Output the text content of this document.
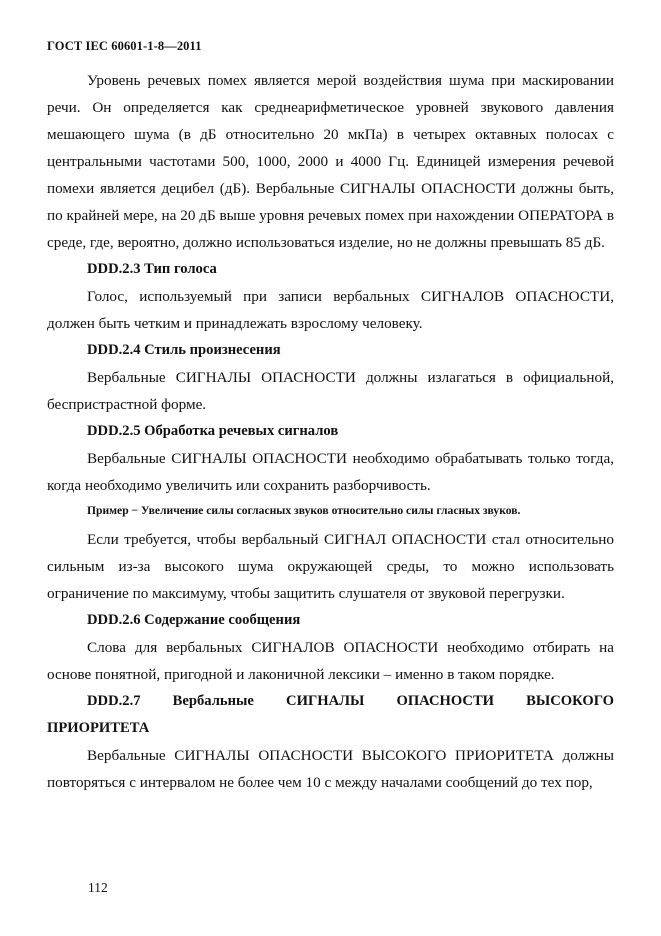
ГОСТ IEC 60601-1-8—2011

Уровень речевых помех является мерой воздействия шума при маскировании речи. Он определяется как среднеарифметическое уровней звукового давления мешающего шума (в дБ относительно 20 мкПа) в четырех октавных полосах с центральными частотами 500, 1000, 2000 и 4000 Гц. Единицей измерения речевой помехи является децибел (дБ). Вербальные СИГНАЛЫ ОПАСНОСТИ должны быть, по крайней мере, на 20 дБ выше уровня речевых помех при нахождении ОПЕРАТОРА в среде, где, вероятно, должно использоваться изделие, но не должны превышать 85 дБ.

DDD.2.3 Тип голоса

Голос, используемый при записи вербальных СИГНАЛОВ ОПАСНОСТИ, должен быть четким и принадлежать взрослому человеку.

DDD.2.4 Стиль произнесения

Вербальные СИГНАЛЫ ОПАСНОСТИ должны излагаться в официальной, беспристрастной форме.

DDD.2.5 Обработка речевых сигналов

Вербальные СИГНАЛЫ ОПАСНОСТИ необходимо обрабатывать только тогда, когда необходимо увеличить или сохранить разборчивость.

Пример − Увеличение силы согласных звуков относительно силы гласных звуков.

Если требуется, чтобы вербальный СИГНАЛ ОПАСНОСТИ стал относительно сильным из-за высокого шума окружающей среды, то можно использовать ограничение по максимуму, чтобы защитить слушателя от звуковой перегрузки.

DDD.2.6 Содержание сообщения

Слова для вербальных СИГНАЛОВ ОПАСНОСТИ необходимо отбирать на основе понятной, пригодной и лаконичной лексики – именно в таком порядке.

DDD.2.7 Вербальные СИГНАЛЫ ОПАСНОСТИ ВЫСОКОГО
ПРИОРИТЕТА

Вербальные СИГНАЛЫ ОПАСНОСТИ ВЫСОКОГО ПРИОРИТЕТА должны повторяться с интервалом не более чем 10 с между началами сообщений до тех пор,

112
